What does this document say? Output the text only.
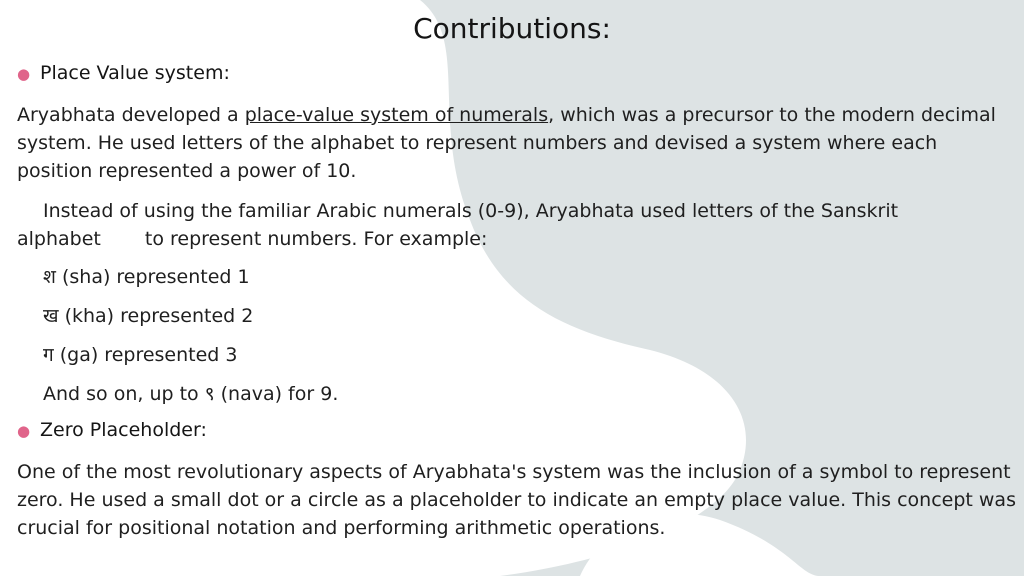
Contributions:
● Place Value system:
Aryabhata developed a place-value system of numerals, which was a precursor to the modern decimal system. He used letters of the alphabet to represent numbers and devised a system where each position represented a power of 10.
Instead of using the familiar Arabic numerals (0-9), Aryabhata used letters of the Sanskrit
alphabet to represent numbers. For example:
श (sha) represented 1
ख (kha) represented 2
ग (ga) represented 3
And so on, up to ९ (nava) for 9.
● Zero Placeholder:
One of the most revolutionary aspects of Aryabhata's system was the inclusion of a symbol to represent zero. He used a small dot or a circle as a placeholder to indicate an empty place value. This concept was crucial for positional notation and performing arithmetic operations.
